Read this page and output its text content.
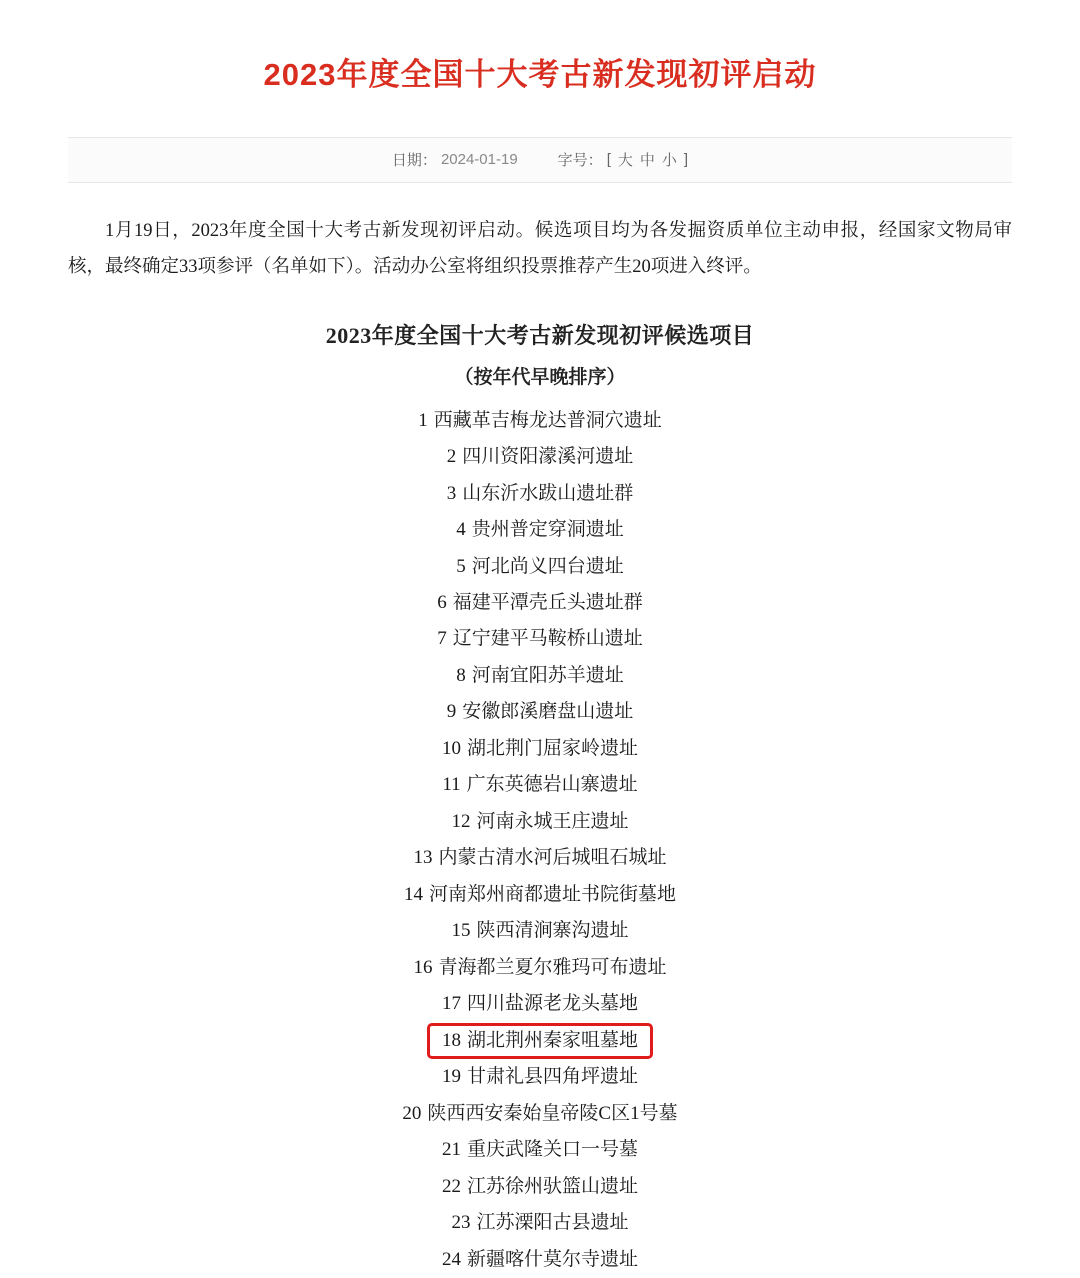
2023年度全国十大考古新发现初评启动
日期： 2024-01-19	字号： [ 大 中 小 ]

1月19日，2023年度全国十大考古新发现初评启动。候选项目均为各发掘资质单位主动申报，经国家文物局审核，最终确定33项参评（名单如下）。活动办公室将组织投票推荐产生20项进入终评。

2023年度全国十大考古新发现初评候选项目
（按年代早晚排序）
1 西藏革吉梅龙达普洞穴遗址
2 四川资阳濛溪河遗址
3 山东沂水跋山遗址群
4 贵州普定穿洞遗址
5 河北尚义四台遗址
6 福建平潭壳丘头遗址群
7 辽宁建平马鞍桥山遗址
8 河南宜阳苏羊遗址
9 安徽郎溪磨盘山遗址
10 湖北荆门屈家岭遗址
11 广东英德岩山寨遗址
12 河南永城王庄遗址
13 内蒙古清水河后城咀石城址
14 河南郑州商都遗址书院街墓地
15 陕西清涧寨沟遗址
16 青海都兰夏尔雅玛可布遗址
17 四川盐源老龙头墓地
18 湖北荆州秦家咀墓地
19 甘肃礼县四角坪遗址
20 陕西西安秦始皇帝陵C区1号墓
21 重庆武隆关口一号墓
22 江苏徐州驮篮山遗址
23 江苏溧阳古县遗址
24 新疆喀什莫尔寺遗址
